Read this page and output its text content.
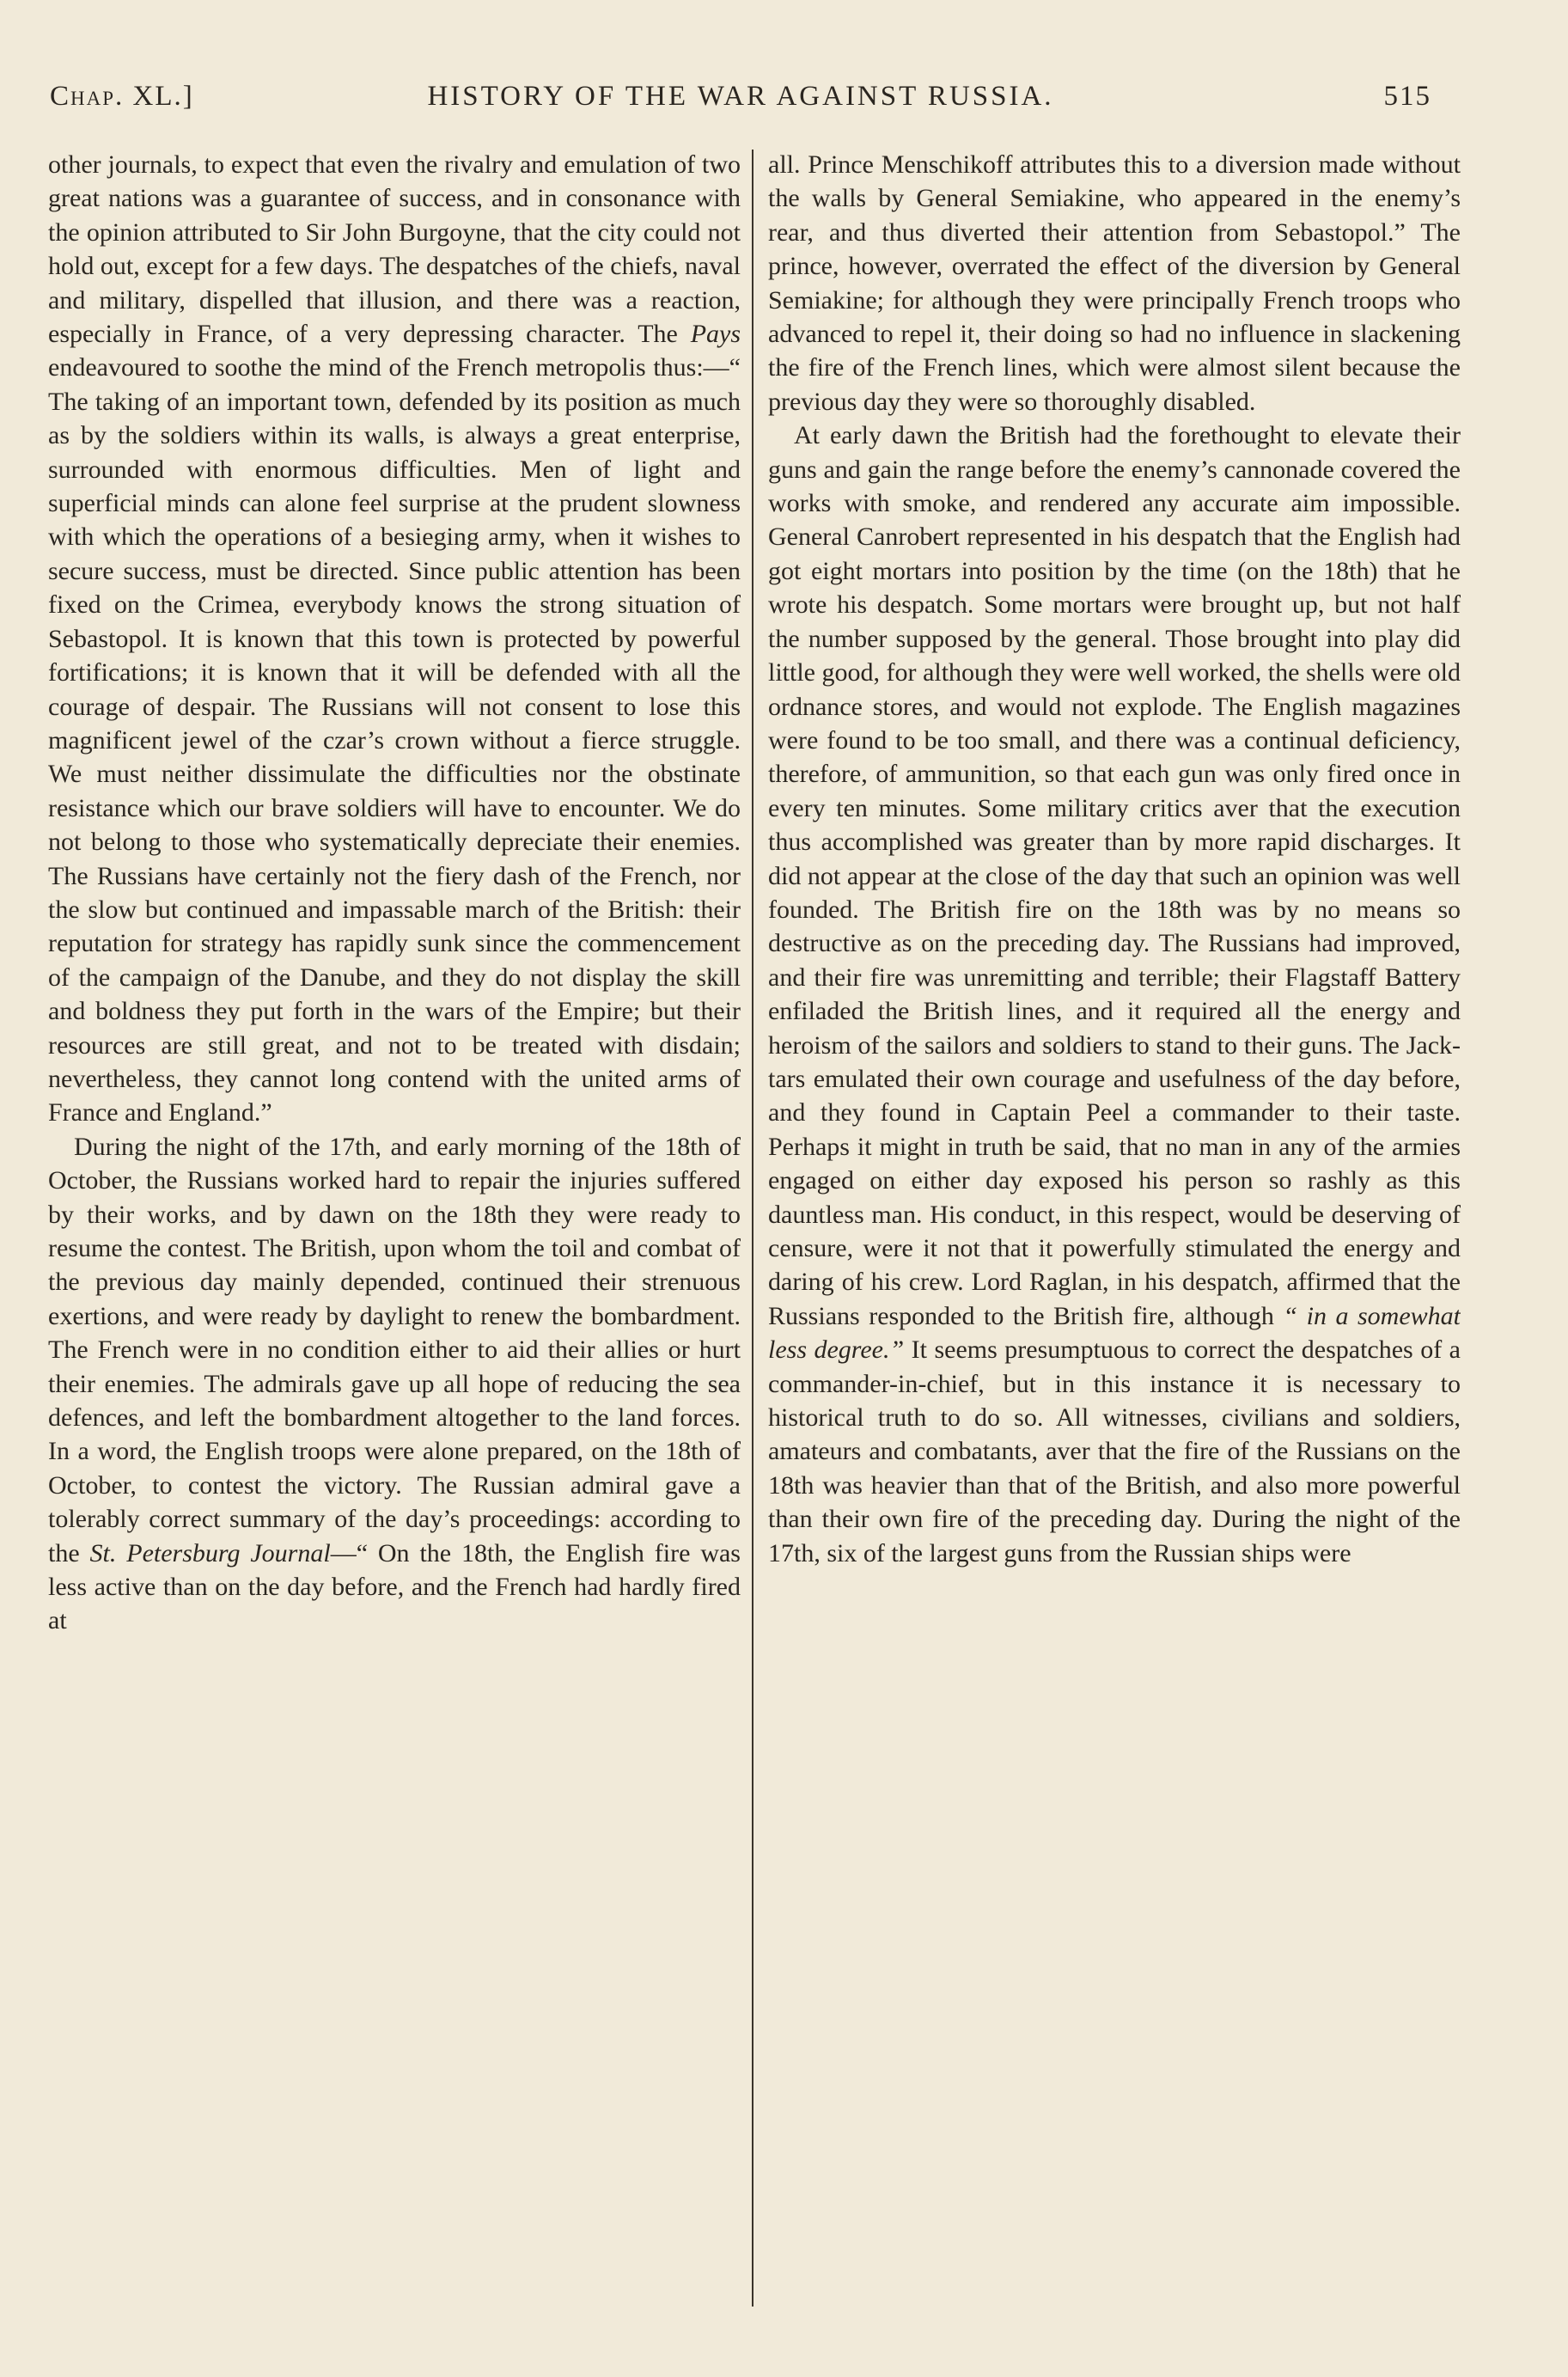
Chap. XL.]	HISTORY OF THE WAR AGAINST RUSSIA.	515

other journals, to expect that even the rivalry and emulation of two great nations was a guarantee of success, and in consonance with the opinion attributed to Sir John Burgoyne, that the city could not hold out, except for a few days. The despatches of the chiefs, naval and military, dispelled that illusion, and there was a reaction, especially in France, of a very depressing character. The Pays endeavoured to soothe the mind of the French metropolis thus:—“ The taking of an important town, defended by its position as much as by the soldiers within its walls, is always a great enterprise, surrounded with enormous difficulties. Men of light and superficial minds can alone feel surprise at the prudent slowness with which the operations of a besieging army, when it wishes to secure success, must be directed. Since public attention has been fixed on the Crimea, everybody knows the strong situation of Sebastopol. It is known that this town is protected by powerful fortifications; it is known that it will be defended with all the courage of despair. The Russians will not consent to lose this magnificent jewel of the czar’s crown without a fierce struggle. We must neither dissimulate the difficulties nor the obstinate resistance which our brave soldiers will have to encounter. We do not belong to those who systematically depreciate their enemies. The Russians have certainly not the fiery dash of the French, nor the slow but continued and impassable march of the British: their reputation for strategy has rapidly sunk since the commencement of the campaign of the Danube, and they do not display the skill and boldness they put forth in the wars of the Empire; but their resources are still great, and not to be treated with disdain; nevertheless, they cannot long contend with the united arms of France and England.”

During the night of the 17th, and early morning of the 18th of October, the Russians worked hard to repair the injuries suffered by their works, and by dawn on the 18th they were ready to resume the contest. The British, upon whom the toil and combat of the previous day mainly depended, continued their strenuous exertions, and were ready by daylight to renew the bombardment. The French were in no condition either to aid their allies or hurt their enemies. The admirals gave up all hope of reducing the sea defences, and left the bombardment altogether to the land forces. In a word, the English troops were alone prepared, on the 18th of October, to contest the victory. The Russian admiral gave a tolerably correct summary of the day’s proceedings: according to the St. Petersburg Journal—“ On the 18th, the English fire was less active than on the day before, and the French had hardly fired at

all. Prince Menschikoff attributes this to a diversion made without the walls by General Semiakine, who appeared in the enemy’s rear, and thus diverted their attention from Sebastopol.” The prince, however, overrated the effect of the diversion by General Semiakine; for although they were principally French troops who advanced to repel it, their doing so had no influence in slackening the fire of the French lines, which were almost silent because the previous day they were so thoroughly disabled.

At early dawn the British had the forethought to elevate their guns and gain the range before the enemy’s cannonade covered the works with smoke, and rendered any accurate aim impossible. General Canrobert represented in his despatch that the English had got eight mortars into position by the time (on the 18th) that he wrote his despatch. Some mortars were brought up, but not half the number supposed by the general. Those brought into play did little good, for although they were well worked, the shells were old ordnance stores, and would not explode. The English magazines were found to be too small, and there was a continual deficiency, therefore, of ammunition, so that each gun was only fired once in every ten minutes. Some military critics aver that the execution thus accomplished was greater than by more rapid discharges. It did not appear at the close of the day that such an opinion was well founded. The British fire on the 18th was by no means so destructive as on the preceding day. The Russians had improved, and their fire was unremitting and terrible; their Flagstaff Battery enfiladed the British lines, and it required all the energy and heroism of the sailors and soldiers to stand to their guns. The Jack-tars emulated their own courage and usefulness of the day before, and they found in Captain Peel a commander to their taste. Perhaps it might in truth be said, that no man in any of the armies engaged on either day exposed his person so rashly as this dauntless man. His conduct, in this respect, would be deserving of censure, were it not that it powerfully stimulated the energy and daring of his crew. Lord Raglan, in his despatch, affirmed that the Russians responded to the British fire, although “ in a somewhat less degree.” It seems presumptuous to correct the despatches of a commander-in-chief, but in this instance it is necessary to historical truth to do so. All witnesses, civilians and soldiers, amateurs and combatants, aver that the fire of the Russians on the 18th was heavier than that of the British, and also more powerful than their own fire of the preceding day. During the night of the 17th, six of the largest guns from the Russian ships were
